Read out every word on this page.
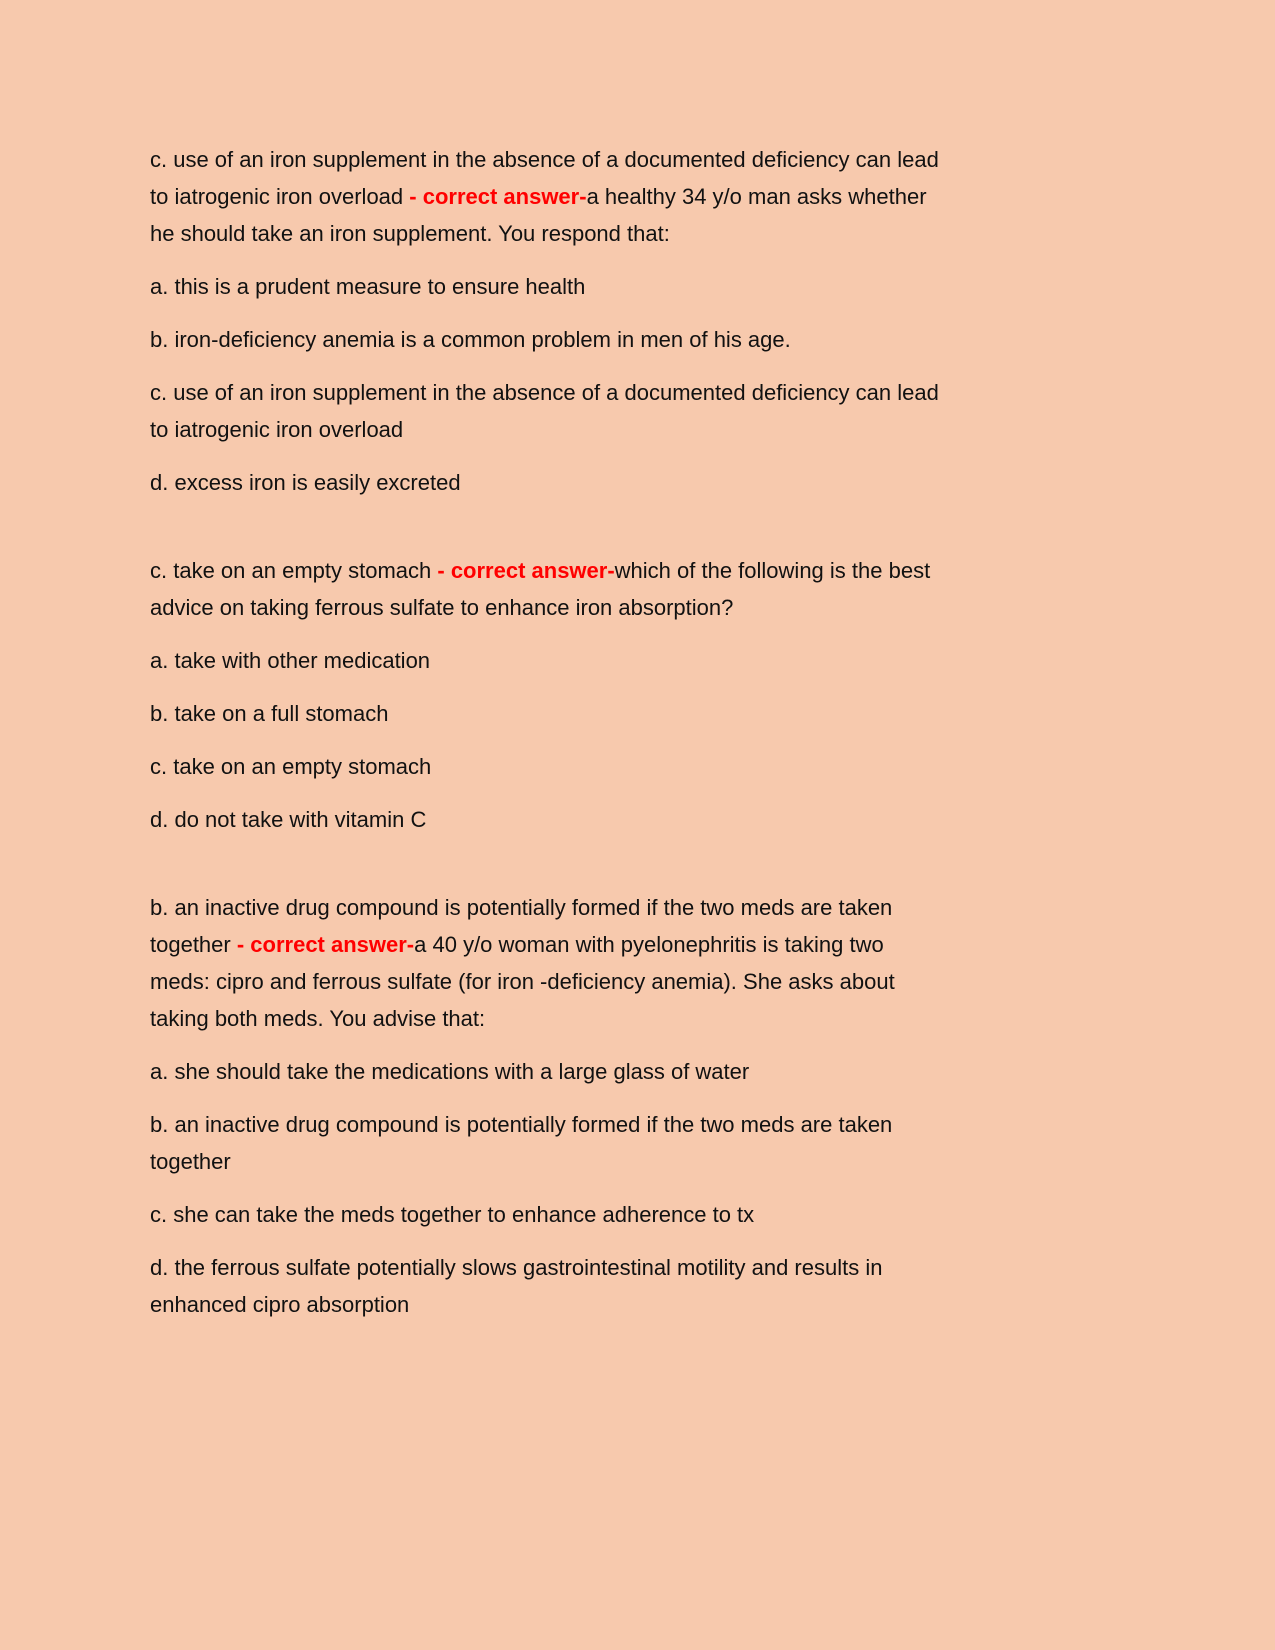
c. use of an iron supplement in the absence of a documented deficiency can lead
to iatrogenic iron overload - correct answer-a healthy 34 y/o man asks whether
he should take an iron supplement. You respond that:
a. this is a prudent measure to ensure health
b. iron-deficiency anemia is a common problem in men of his age.
c. use of an iron supplement in the absence of a documented deficiency can lead
to iatrogenic iron overload
d. excess iron is easily excreted
c. take on an empty stomach - correct answer-which of the following is the best
advice on taking ferrous sulfate to enhance iron absorption?
a. take with other medication
b. take on a full stomach
c. take on an empty stomach
d. do not take with vitamin C
b. an inactive drug compound is potentially formed if the two meds are taken
together - correct answer-a 40 y/o woman with pyelonephritis is taking two
meds: cipro and ferrous sulfate (for iron -deficiency anemia). She asks about
taking both meds. You advise that:
a. she should take the medications with a large glass of water
b. an inactive drug compound is potentially formed if the two meds are taken
together
c. she can take the meds together to enhance adherence to tx
d. the ferrous sulfate potentially slows gastrointestinal motility and results in
enhanced cipro absorption
